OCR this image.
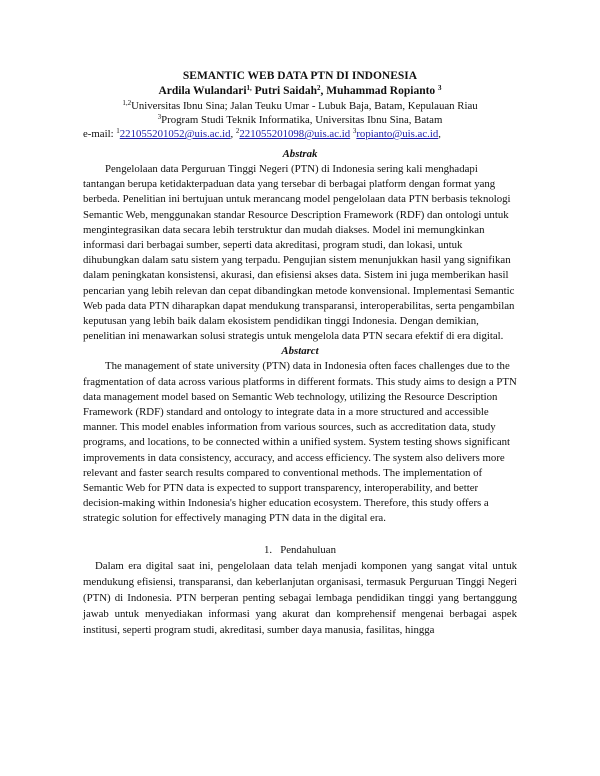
SEMANTIC WEB DATA PTN DI INDONESIA
Ardila Wulandari$^{1,}$ Putri Saidah$^2$, Muhammad Ropianto $^3$
$^{1,2}$Universitas Ibnu Sina; Jalan Teuku Umar - Lubuk Baja, Batam, Kepulauan Riau
$^3$Program Studi Teknik Informatika, Universitas Ibnu Sina, Batam
e-mail: $^1$221055201052@uis.ac.id, $^2$221055201098@uis.ac.id $^3$ropianto@uis.ac.id,
Abstrak

Pengelolaan data Perguruan Tinggi Negeri (PTN) di Indonesia sering kali menghadapi tantangan berupa ketidakterpaduan data yang tersebar di berbagai platform dengan format yang berbeda. Penelitian ini bertujuan untuk merancang model pengelolaan data PTN berbasis teknologi Semantic Web, menggunakan standar Resource Description Framework (RDF) dan ontologi untuk mengintegrasikan data secara lebih terstruktur dan mudah diakses. Model ini memungkinkan informasi dari berbagai sumber, seperti data akreditasi, program studi, dan lokasi, untuk dihubungkan dalam satu sistem yang terpadu. Pengujian sistem menunjukkan hasil yang signifikan dalam peningkatan konsistensi, akurasi, dan efisiensi akses data. Sistem ini juga memberikan hasil pencarian yang lebih relevan dan cepat dibandingkan metode konvensional. Implementasi Semantic Web pada data PTN diharapkan dapat mendukung transparansi, interoperabilitas, serta pengambilan keputusan yang lebih baik dalam ekosistem pendidikan tinggi Indonesia. Dengan demikian, penelitian ini menawarkan solusi strategis untuk mengelola data PTN secara efektif di era digital.

Abstarct

The management of state university (PTN) data in Indonesia often faces challenges due to the fragmentation of data across various platforms in different formats. This study aims to design a PTN data management model based on Semantic Web technology, utilizing the Resource Description Framework (RDF) standard and ontology to integrate data in a more structured and accessible manner. This model enables information from various sources, such as accreditation data, study programs, and locations, to be connected within a unified system. System testing shows significant improvements in data consistency, accuracy, and access efficiency. The system also delivers more relevant and faster search results compared to conventional methods. The implementation of Semantic Web for PTN data is expected to support transparency, interoperability, and better decision-making within Indonesia's higher education ecosystem. Therefore, this study offers a strategic solution for effectively managing PTN data in the digital era.

1. Pendahuluan

Dalam era digital saat ini, pengelolaan data telah menjadi komponen yang sangat vital untuk mendukung efisiensi, transparansi, dan keberlanjutan organisasi, termasuk Perguruan Tinggi Negeri (PTN) di Indonesia. PTN berperan penting sebagai lembaga pendidikan tinggi yang bertanggung jawab untuk menyediakan informasi yang akurat dan komprehensif mengenai berbagai aspek institusi, seperti program studi, akreditasi, sumber daya manusia, fasilitas, hingga
